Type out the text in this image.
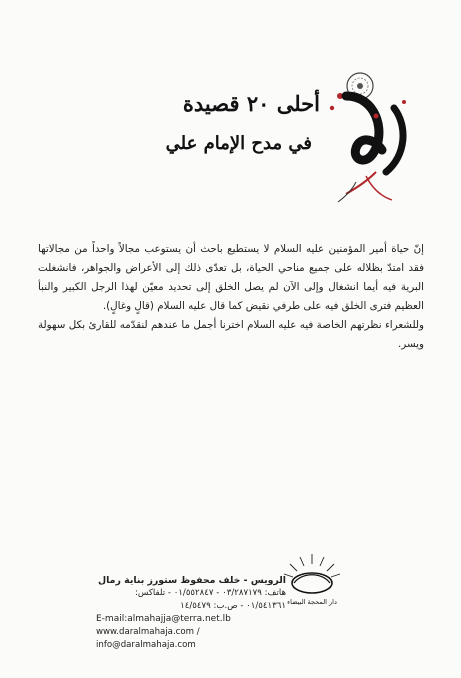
أحلى ٢٠ قصيدة
في مدح الإمام علي

إنّ حياة أمير المؤمنين عليه السلام لا يستطيع باحث أن يستوعب مجالاً واحداً من مجالاتها فقد امتدّ بظلاله على جميع مناحي الحياة، بل تعدّى ذلك إلى الأعراض والجواهر، فانشغلت البرية فيه أيما انشغال وإلى الآن لم يصل الخلق إلى تحديد معيّن لهذا الرجل الكبير والنبأ العظيم فترى الخلق فيه على طرفي نقيض كما قال عليه السلام (قالٍ وغالٍ).

وللشعراء نظرتهم الخاصة فيه عليه السلام اخترنا أجمل ما عندهم لنقدّمه للقارئ بكل سهولة ويسر.

دار المحجة البيضاء
الرويس - خلف محفوظ ستورز بناية رمال
هاتف: ٠٣/٢٨٧١٧٩ - ٠١/٥٥٢٨٤٧ - تلفاكس: ٠١/٥٤١٣٦١ - ص.ب: ١٤/٥٤٧٩
E-mail:almahajja@terra.net.lb
www.daralmahaja.com / info@daralmahaja.com
